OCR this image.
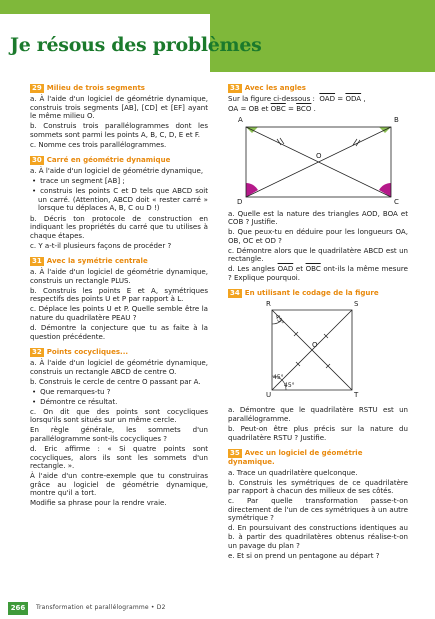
Je résous des problèmes
29 Milieu de trois segments

a. À l'aide d'un logiciel de géométrie dynamique, construis trois segments [AB], [CD] et [EF] ayant le même milieu O.

b. Construis trois parallélogrammes dont les sommets sont parmi les points A, B, C, D, E et F.

c. Nomme ces trois parallélogrammes.

30 Carré en géométrie dynamique

a. À l'aide d'un logiciel de géométrie dynamique,

• trace un segment [AB] ;

• construis les points C et D tels que ABCD soit un carré. (Attention, ABCD doit « rester carré » lorsque tu déplaces A, B, C ou D !)

b. Décris ton protocole de construction en indiquant les propriétés du carré que tu utilises à chaque étapes.

c. Y a-t-il plusieurs façons de procéder ?

31 Avec la symétrie centrale

a. À l'aide d'un logiciel de géométrie dynamique, construis un rectangle PLUS.

b. Construis les points E et A, symétriques respectifs des points U et P par rapport à L.

c. Déplace les points U et P. Quelle semble être la nature du quadrilatère PEAU ?

d. Démontre la conjecture que tu as faite à la question précédente.

32 Points cocycliques...

a. À l'aide d'un logiciel de géométrie dynamique, construis un rectangle ABCD de centre O.

b. Construis le cercle de centre O passant par A.

• Que remarques-tu ?

• Démontre ce résultat.

c. On dit que des points sont cocycliques lorsqu'ils sont situés sur un même cercle.

En règle générale, les sommets d'un parallélogramme sont-ils cocycliques ?

d. Eric affirme : « Si quatre points sont cocycliques, alors ils sont les sommets d'un rectangle. ».

À l'aide d'un contre-exemple que tu construiras grâce au logiciel de géométrie dynamique, montre qu'il a tort.

Modifie sa phrase pour la rendre vraie.

33 Avec les angles

Sur la figure ci-dessous : $\overline{OAD} = \overline{ODA}$ ,

OA = OB et $\overline{OBC} = \overline{BCO}$ .

A	B
C
D
O

a. Quelle est la nature des triangles AOD, BOA et COB ? Justifie.

b. Que peux-tu en déduire pour les longueurs OA, OB, OC et OD ?

c. Démontre alors que le quadrilatère ABCD est un rectangle.

d. Les angles $\overline{OAD}$ et $\overline{OBC}$ ont-ils la même mesure ? Explique pourquoi.

34 En utilisant le codage de la figure
R	S
T
U
O
45°
45°
45°

a. Démontre que le quadrilatère RSTU est un parallélogramme.

b. Peut-on être plus précis sur la nature du quadrilatère RSTU ? Justifie.

35 Avec un logiciel de géométrie
dynamique.

a. Trace un quadrilatère quelconque.

b. Construis les symétriques de ce quadrilatère par rapport à chacun des milieux de ses côtés.

c. Par quelle transformation passe-t-on directement de l'un de ces symétriques à un autre symétrique ?

d. En poursuivant des constructions identiques au b. à partir des quadrilatères obtenus réalise-t-on un pavage du plan ?

e. Et si on prend un pentagone au départ ?

266	Transformation et parallélogramme • D2
